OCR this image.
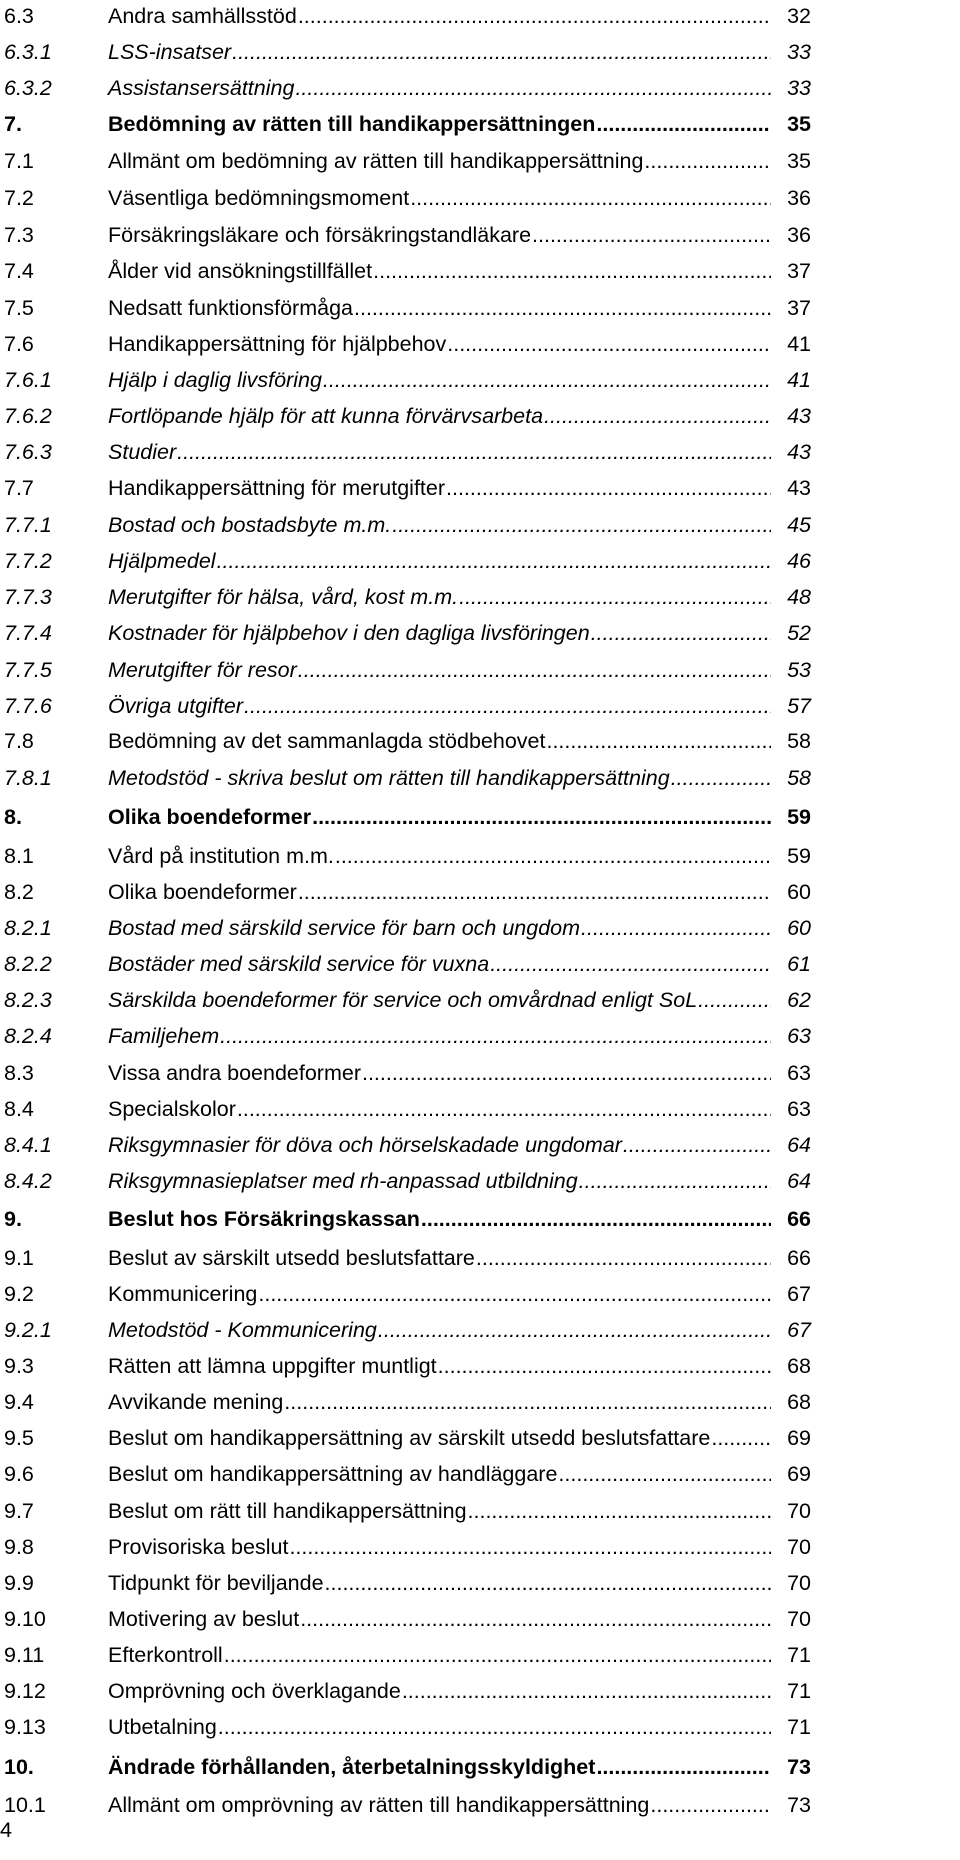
6.3	Andra samhällsstöd .....	32
6.3.1	LSS-insatser .....	33
6.3.2	Assistansersättning .....	33
7.	Bedömning av rätten till handikappersättningen .....	35
7.1	Allmänt om bedömning av rätten till handikappersättning .....	35
7.2	Väsentliga bedömningsmoment .....	36
7.3	Försäkringsläkare och försäkringstandläkare .....	36
7.4	Ålder vid ansökningstillfället .....	37
7.5	Nedsatt funktionsförmåga .....	37
7.6	Handikappersättning för hjälpbehov .....	41
7.6.1	Hjälp i daglig livsföring .....	41
7.6.2	Fortlöpande hjälp för att kunna förvärvsarbeta .....	43
7.6.3	Studier .....	43
7.7	Handikappersättning för merutgifter .....	43
7.7.1	Bostad och bostadsbyte m.m. .....	45
7.7.2	Hjälpmedel .....	46
7.7.3	Merutgifter för hälsa, vård, kost m.m. .....	48
7.7.4	Kostnader för hjälpbehov i den dagliga livsföringen .....	52
7.7.5	Merutgifter för resor .....	53
7.7.6	Övriga utgifter .....	57
7.8	Bedömning av det sammanlagda stödbehovet .....	58
7.8.1	Metodstöd - skriva beslut om rätten till handikappersättning .....	58
8.	Olika boendeformer .....	59
8.1	Vård på institution m.m. .....	59
8.2	Olika boendeformer .....	60
8.2.1	Bostad med särskild service för barn och ungdom .....	60
8.2.2	Bostäder med särskild service för vuxna .....	61
8.2.3	Särskilda boendeformer för service och omvårdnad enligt SoL .....	62
8.2.4	Familjehem .....	63
8.3	Vissa andra boendeformer .....	63
8.4	Specialskolor .....	63
8.4.1	Riksgymnasier för döva och hörselskadade ungdomar .....	64
8.4.2	Riksgymnasieplatser med rh-anpassad utbildning .....	64
9.	Beslut hos Försäkringskassan .....	66
9.1	Beslut av särskilt utsedd beslutsfattare .....	66
9.2	Kommunicering .....	67
9.2.1	Metodstöd - Kommunicering .....	67
9.3	Rätten att lämna uppgifter muntligt .....	68
9.4	Avvikande mening .....	68
9.5	Beslut om handikappersättning av särskilt utsedd beslutsfattare .....	69
9.6	Beslut om handikappersättning av handläggare .....	69
9.7	Beslut om rätt till handikappersättning .....	70
9.8	Provisoriska beslut .....	70
9.9	Tidpunkt för beviljande .....	70
9.10	Motivering av beslut .....	70
9.11	Efterkontroll .....	71
9.12	Omprövning och överklagande .....	71
9.13	Utbetalning .....	71
10.	Ändrade förhållanden, återbetalningsskyldighet .....	73
10.1	Allmänt om omprövning av rätten till handikappersättning .....	73
4
